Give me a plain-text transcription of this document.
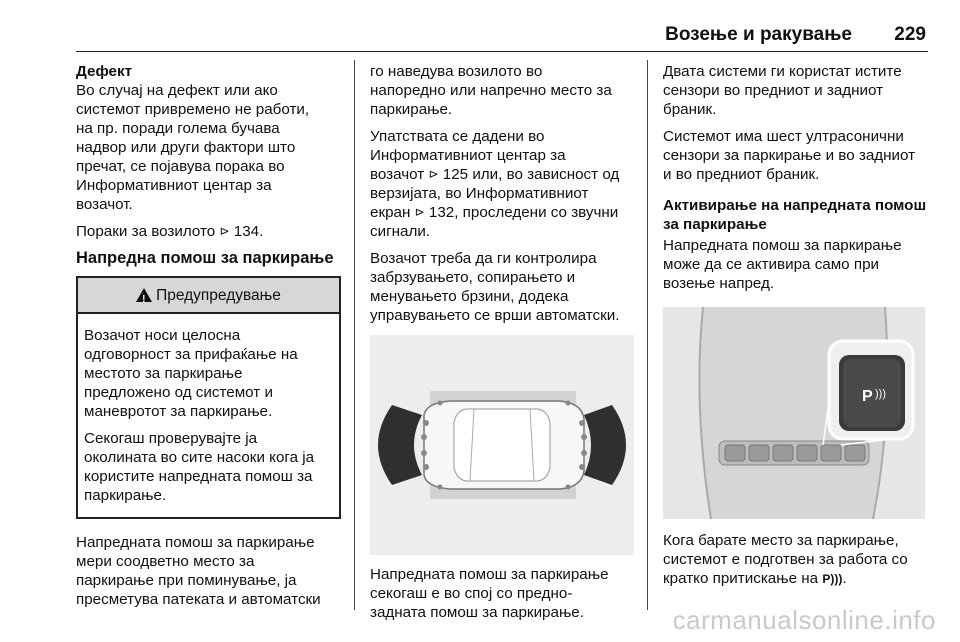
Возење и ракување 229

Дефект

Во случај на дефект или ако
системот привремено не работи,
на пр. поради голема бучава
надвор или други фактори што
пречат, се појавува порака во
Информативниот центар за
возачот.

Пораки за возилото ⊳ 134.

Напредна помош за паркирање

!
Предупредување

Возачот носи целосна
одговорност за прифаќање на
местото за паркирање
предложено од системот и
маневротот за паркирање.

Секогаш проверувајте ја
околината во сите насоки кога ја
користите напредната помош за
паркирање.

Напредната помош за паркирање
мери соодветно место за
паркирање при поминување, ја
пресметува патеката и автоматски

го наведува возилото во
напоредно или напречно место за
паркирање.

Упатствата се дадени во
Информативниот центар за
возачот ⊳ 125 или, во зависност од
верзијата, во Информативниот
екран ⊳ 132, проследени со звучни
сигнали.

Возачот треба да ги контролира
забрзувањето, сопирањето и
менувањето брзини, додека
управувањето се врши автоматски.

Напредната помош за паркирање
секогаш е во спој со предно-
задната помош за паркирање.

Двата системи ги користат истите
сензори во предниот и задниот
браник.

Системот има шест ултрасонични
сензори за паркирање и во задниот
и во предниот браник.

Активирање на напредната помош
за паркирање

Напредната помош за паркирање
може да се активира само при
возење напред.

P )))

Кога барате место за паркирање,
системот е подготвен за работа со
кратко притискање на P))).

carmanualsonline.info
